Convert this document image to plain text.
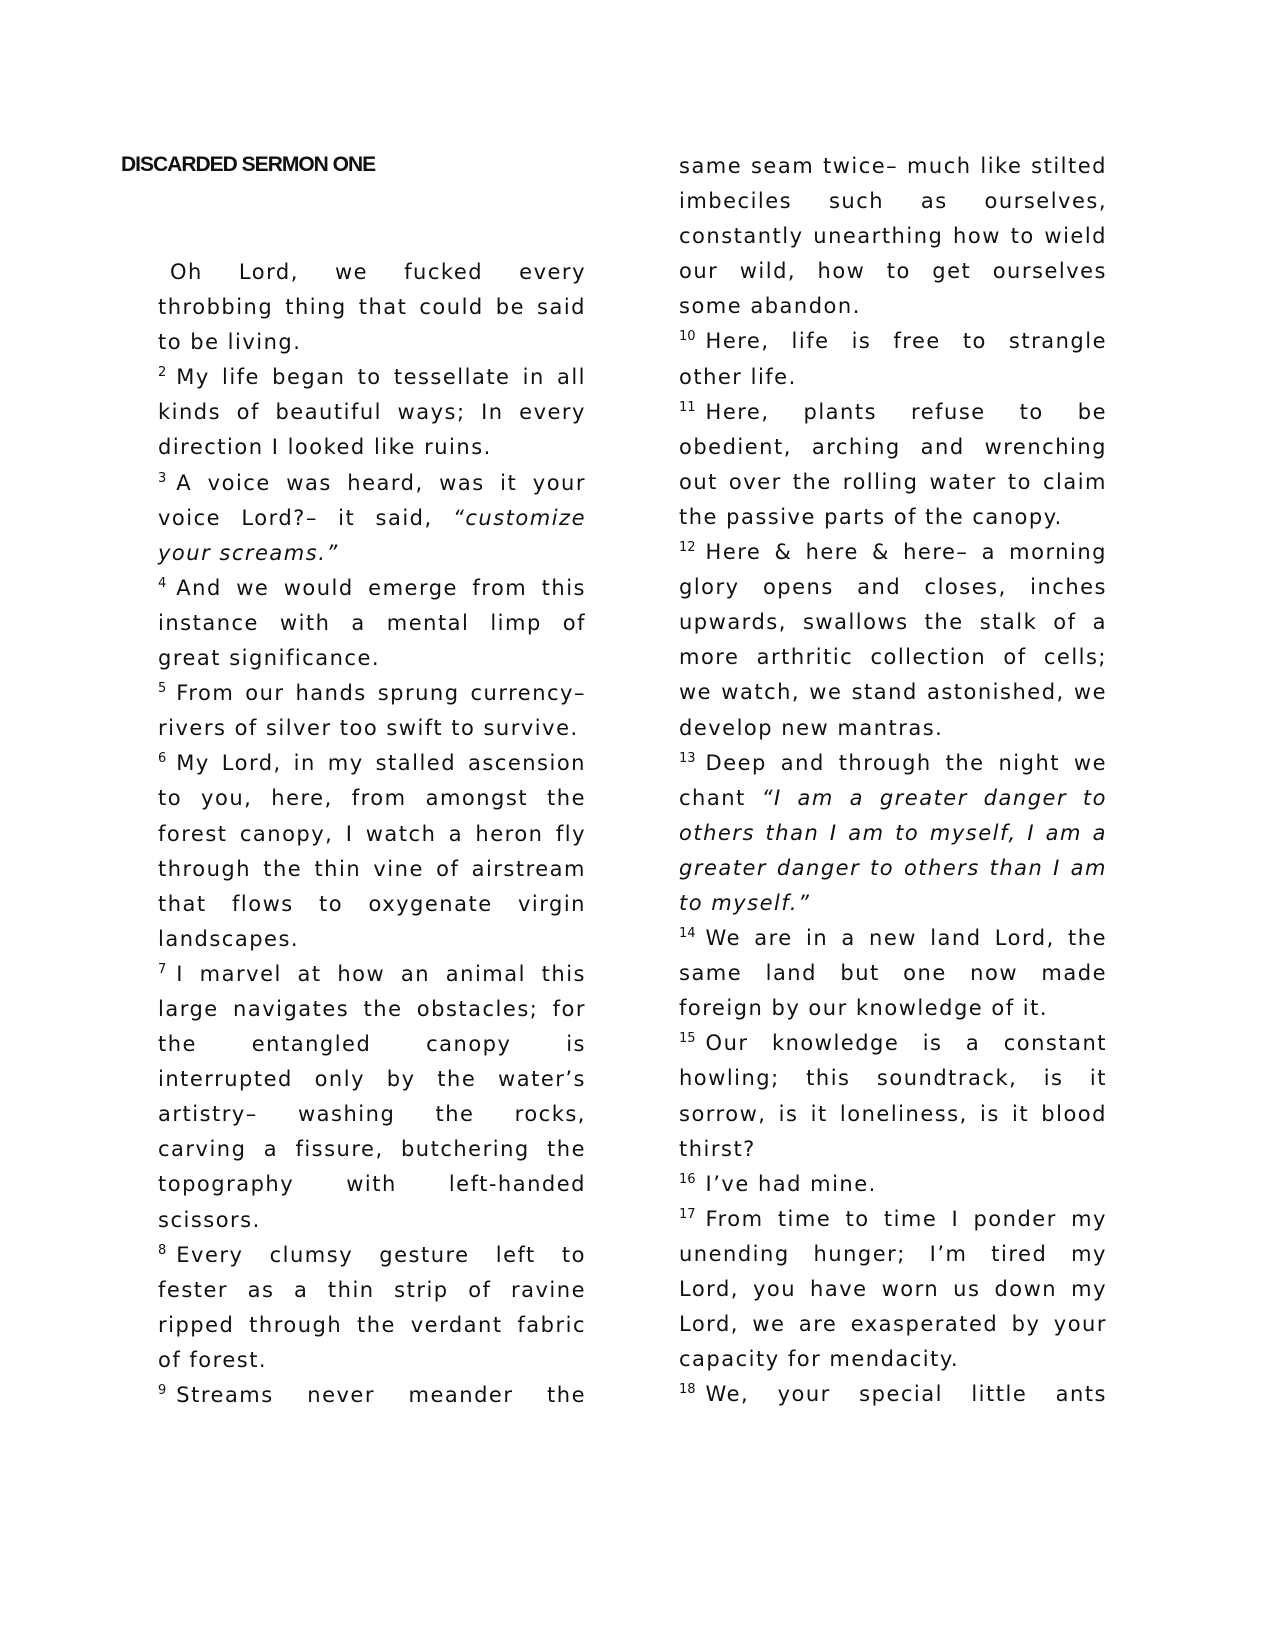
DISCARDED SERMON ONE

Oh Lord, we fucked every throbbing thing that could be said to be living.

$^2$ My life began to tessellate in all kinds of beautiful ways; In every direction I looked like ruins.

$^3$ A voice was heard, was it your voice Lord?– it said, “customize your screams.”

$^4$ And we would emerge from this instance with a mental limp of great significance.

$^5$ From our hands sprung currency– rivers of silver too swift to survive.

$^6$ My Lord, in my stalled ascension to you, here, from amongst the forest canopy, I watch a heron fly through the thin vine of airstream that flows to oxygenate virgin landscapes.

$^7$ I marvel at how an animal this large navigates the obstacles; for the entangled canopy is interrupted only by the water’s artistry– washing the rocks, carving a fissure, butchering the topography with left-handed scissors.

$^8$ Every clumsy gesture left to fester as a thin strip of ravine ripped through the verdant fabric of forest.

$^9$ Streams never meander the

same seam twice– much like stilted imbeciles such as ourselves, constantly unearthing how to wield our wild, how to get ourselves some abandon.

$^{10}$ Here, life is free to strangle other life.

$^{11}$ Here, plants refuse to be obedient, arching and wrenching out over the rolling water to claim the passive parts of the canopy.

$^{12}$ Here & here & here– a morning glory opens and closes, inches upwards, swallows the stalk of a more arthritic collection of cells; we watch, we stand astonished, we develop new mantras.

$^{13}$ Deep and through the night we chant “I am a greater danger to others than I am to myself, I am a greater danger to others than I am to myself.”

$^{14}$ We are in a new land Lord, the same land but one now made foreign by our knowledge of it.

$^{15}$ Our knowledge is a constant howling; this soundtrack, is it sorrow, is it loneliness, is it blood thirst?

$^{16}$ I’ve had mine.

$^{17}$ From time to time I ponder my unending hunger; I’m tired my Lord, you have worn us down my Lord, we are exasperated by your capacity for mendacity.

$^{18}$ We, your special little ants
